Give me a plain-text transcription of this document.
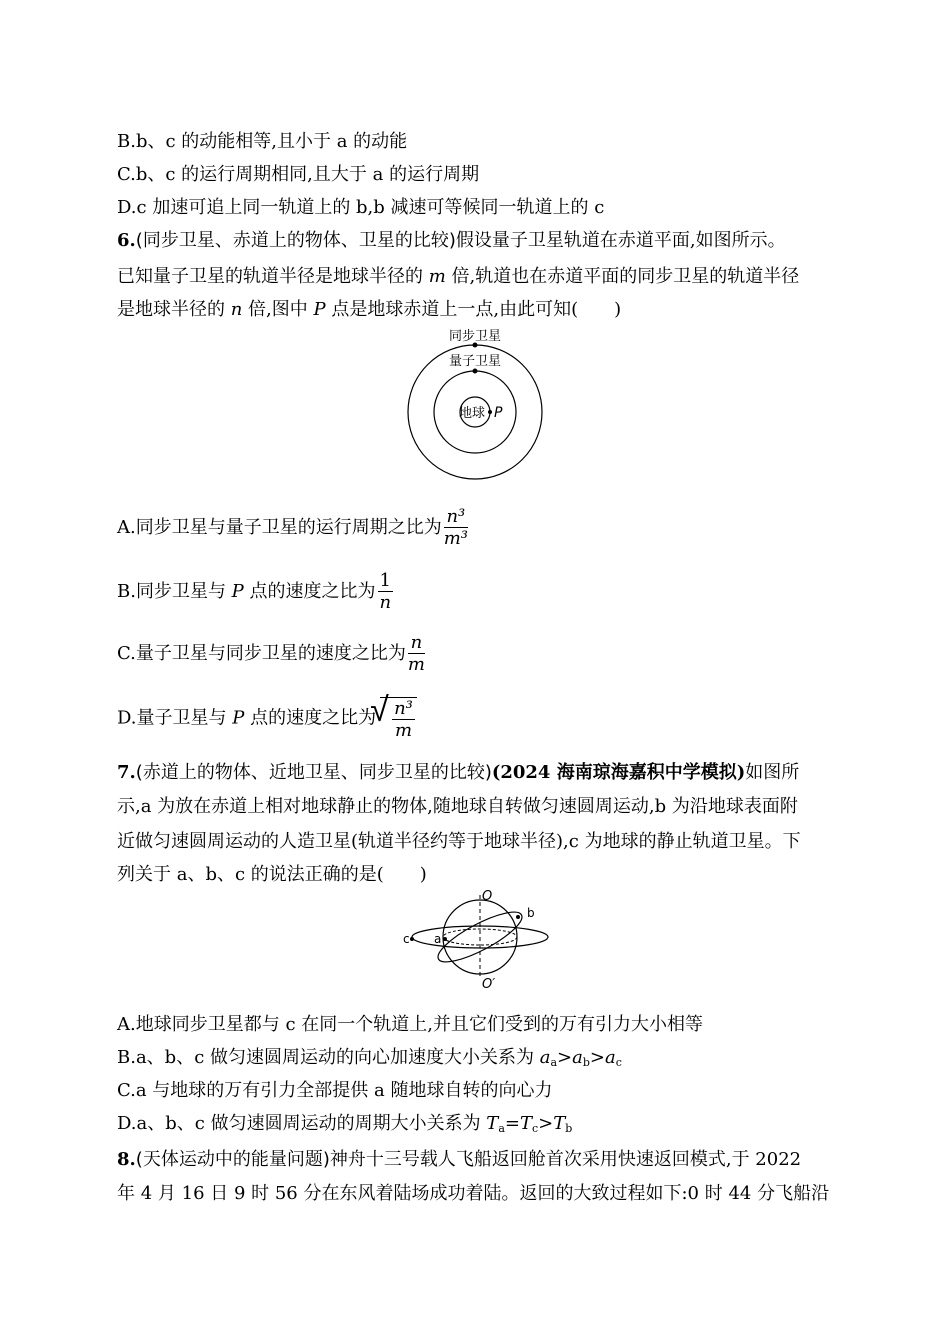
B.b、c 的动能相等,且小于 a 的动能
C.b、c 的运行周期相同,且大于 a 的运行周期
D.c 加速可追上同一轨道上的 b,b 减速可等候同一轨道上的 c
6.(同步卫星、赤道上的物体、卫星的比较)假设量子卫星轨道在赤道平面,如图所示。
已知量子卫星的轨道半径是地球半径的 m 倍,轨道也在赤道平面的同步卫星的轨道半径
是地球半径的 n 倍,图中 P 点是地球赤道上一点,由此可知(　　)
同步卫星
量子卫星
地球 P
A.同步卫星与量子卫星的运行周期之比为 $\frac{\text{n³}}{\text{m³}}$
B.同步卫星与 P 点的速度之比为 $\frac{1}{n}$
C.量子卫星与同步卫星的速度之比为 $\frac{n}{m}$
D.量子卫星与 P 点的速度之比为
√ $\frac{\text{n³}}{m}$
7.(赤道上的物体、近地卫星、同步卫星的比较)(2024 海南琼海嘉积中学模拟)如图所
示,a 为放在赤道上相对地球静止的物体,随地球自转做匀速圆周运动,b 为沿地球表面附
近做匀速圆周运动的人造卫星(轨道半径约等于地球半径),c 为地球的静止轨道卫星。下
列关于 a、b、c 的说法正确的是(　　)
O
O′
a
b
c
A.地球同步卫星都与 c 在同一个轨道上,并且它们受到的万有引力大小相等
B.a、b、c 做匀速圆周运动的向心加速度大小关系为 $a_a>a_b>a_c$
C.a 与地球的万有引力全部提供 a 随地球自转的向心力
D.a、b、c 做匀速圆周运动的周期大小关系为 $T_a=T_c>T_b$
8.(天体运动中的能量问题)神舟十三号载人飞船返回舱首次采用快速返回模式,于 2022
年 4 月 16 日 9 时 56 分在东风着陆场成功着陆。返回的大致过程如下:0 时 44 分飞船沿
